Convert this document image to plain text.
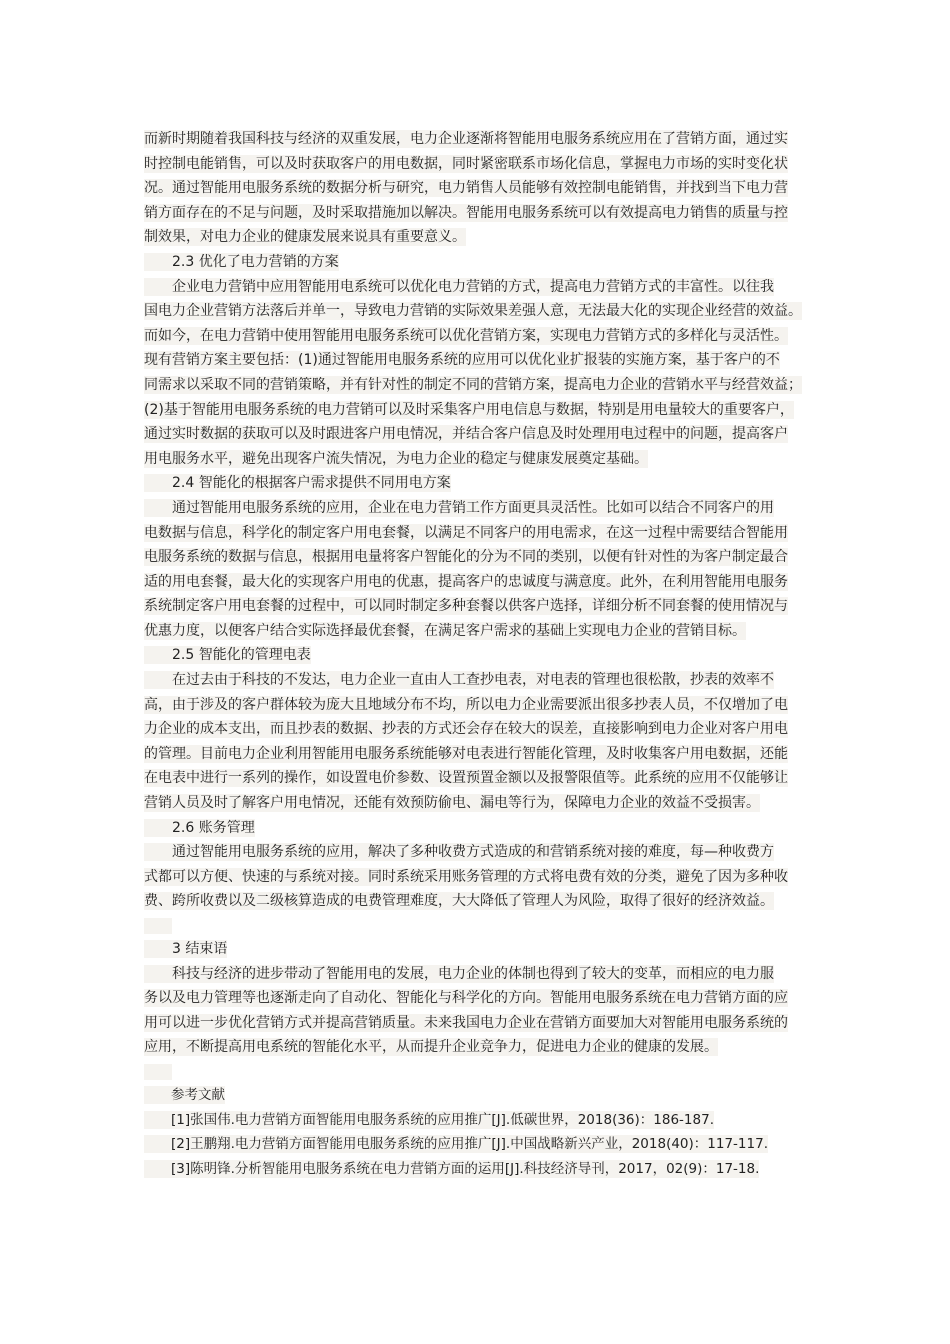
而新时期随着我国科技与经济的双重发展，电力企业逐渐将智能用电服务系统应用在了营销方面，通过实
时控制电能销售，可以及时获取客户的用电数据，同时紧密联系市场化信息，掌握电力市场的实时变化状
况。通过智能用电服务系统的数据分析与研究，电力销售人员能够有效控制电能销售，并找到当下电力营
销方面存在的不足与问题，及时采取措施加以解决。智能用电服务系统可以有效提高电力销售的质量与控
制效果，对电力企业的健康发展来说具有重要意义。
　　2.3 优化了电力营销的方案
　　企业电力营销中应用智能用电系统可以优化电力营销的方式，提高电力营销方式的丰富性。以往我
国电力企业营销方法落后并单一，导致电力营销的实际效果差强人意，无法最大化的实现企业经营的效益。
而如今，在电力营销中使用智能用电服务系统可以优化营销方案，实现电力营销方式的多样化与灵活性。
现有营销方案主要包括：(1)通过智能用电服务系统的应用可以优化业扩报装的实施方案，基于客户的不
同需求以采取不同的营销策略，并有针对性的制定不同的营销方案，提高电力企业的营销水平与经营效益；
(2)基于智能用电服务系统的电力营销可以及时采集客户用电信息与数据，特别是用电量较大的重要客户，
通过实时数据的获取可以及时跟进客户用电情况，并结合客户信息及时处理用电过程中的问题，提高客户
用电服务水平，避免出现客户流失情况，为电力企业的稳定与健康发展奠定基础。
　　2.4 智能化的根据客户需求提供不同用电方案
　　通过智能用电服务系统的应用，企业在电力营销工作方面更具灵活性。比如可以结合不同客户的用
电数据与信息，科学化的制定客户用电套餐，以满足不同客户的用电需求，在这一过程中需要结合智能用
电服务系统的数据与信息，根据用电量将客户智能化的分为不同的类别，以便有针对性的为客户制定最合
适的用电套餐，最大化的实现客户用电的优惠，提高客户的忠诚度与满意度。此外，在利用智能用电服务
系统制定客户用电套餐的过程中，可以同时制定多种套餐以供客户选择，详细分析不同套餐的使用情况与
优惠力度，以便客户结合实际选择最优套餐，在满足客户需求的基础上实现电力企业的营销目标。
　　2.5 智能化的管理电表
　　在过去由于科技的不发达，电力企业一直由人工查抄电表，对电表的管理也很松散，抄表的效率不
高，由于涉及的客户群体较为庞大且地域分布不均，所以电力企业需要派出很多抄表人员，不仅增加了电
力企业的成本支出，而且抄表的数据、抄表的方式还会存在较大的误差，直接影响到电力企业对客户用电
的管理。目前电力企业利用智能用电服务系统能够对电表进行智能化管理，及时收集客户用电数据，还能
在电表中进行一系列的操作，如设置电价参数、设置预置金额以及报警限值等。此系统的应用不仅能够让
营销人员及时了解客户用电情况，还能有效预防偷电、漏电等行为，保障电力企业的效益不受损害。
　　2.6 账务管理
　　通过智能用电服务系统的应用，解决了多种收费方式造成的和营销系统对接的难度，每—种收费方
式都可以方便、快速的与系统对接。同时系统采用账务管理的方式将电费有效的分类，避免了因为多种收
费、跨所收费以及二级核算造成的电费管理难度，大大降低了管理人为风险，取得了很好的经济效益。
　　3 结束语
　　科技与经济的进步带动了智能用电的发展，电力企业的体制也得到了较大的变革，而相应的电力服
务以及电力管理等也逐渐走向了自动化、智能化与科学化的方向。智能用电服务系统在电力营销方面的应
用可以进一步优化营销方式并提高营销质量。未来我国电力企业在营销方面要加大对智能用电服务系统的
应用，不断提高用电系统的智能化水平，从而提升企业竞争力，促进电力企业的健康的发展。
　　参考文献
　　[1]张国伟.电力营销方面智能用电服务系统的应用推广[J].低碳世界，2018(36)：186-187.
　　[2]王鹏翔.电力营销方面智能用电服务系统的应用推广[J].中国战略新兴产业，2018(40)：117-117.
　　[3]陈明锋.分析智能用电服务系统在电力营销方面的运用[J].科技经济导刊，2017，02(9)：17-18.
